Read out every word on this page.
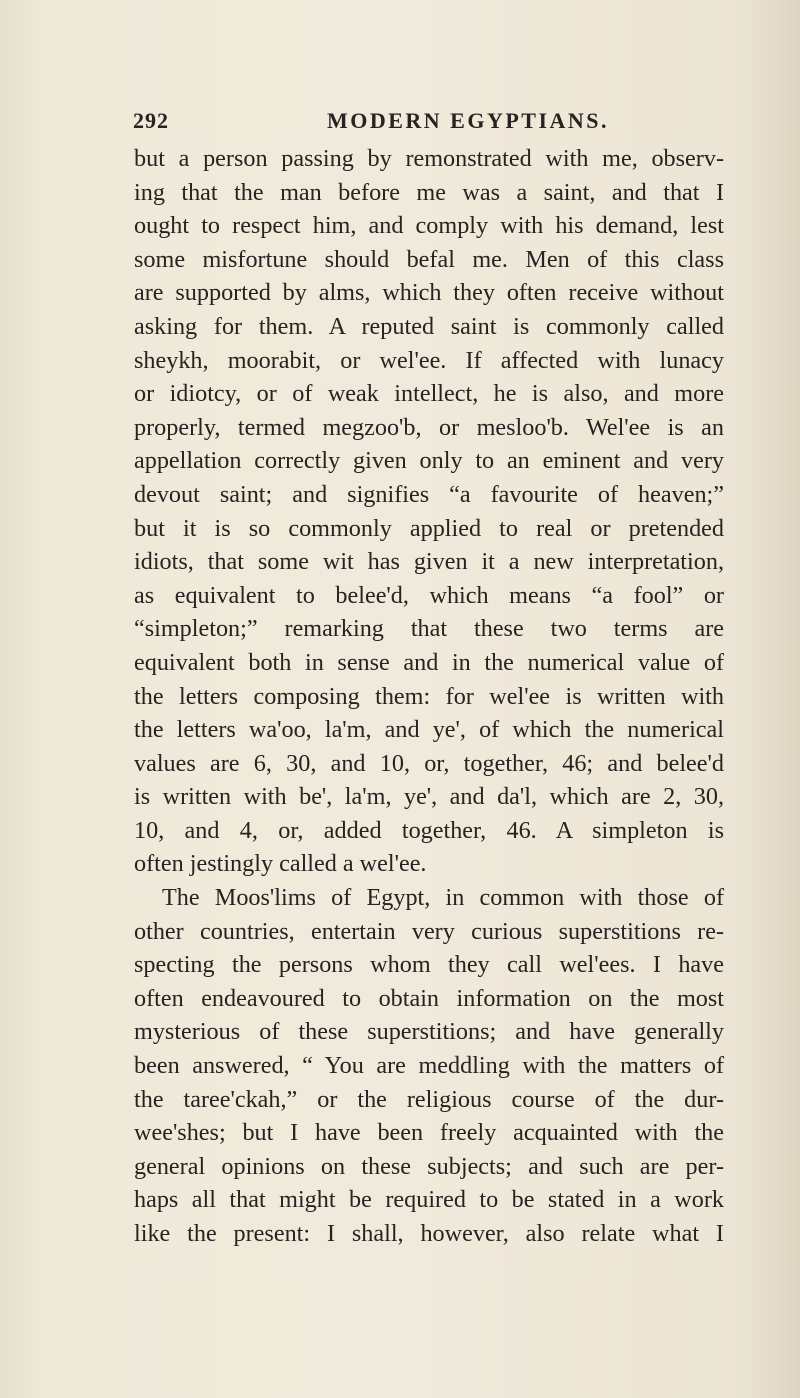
292	MODERN EGYPTIANS.
but a person passing by remonstrated with me, observ-
ing that the man before me was a saint, and that I
ought to respect him, and comply with his demand, lest
some misfortune should befal me. Men of this class
are supported by alms, which they often receive without
asking for them. A reputed saint is commonly called
sheykh, moorabit, or wel'ee. If affected with lunacy
or idiotcy, or of weak intellect, he is also, and more
properly, termed megzoo'b, or mesloo'b. Wel'ee is an
appellation correctly given only to an eminent and very
devout saint; and signifies “a favourite of heaven;”
but it is so commonly applied to real or pretended
idiots, that some wit has given it a new interpretation,
as equivalent to belee'd, which means “a fool” or
“simpleton;” remarking that these two terms are
equivalent both in sense and in the numerical value of
the letters composing them: for wel'ee is written with
the letters wa'oo, la'm, and ye', of which the numerical
values are 6, 30, and 10, or, together, 46; and belee'd
is written with be', la'm, ye', and da'l, which are 2, 30,
10, and 4, or, added together, 46. A simpleton is
often jestingly called a wel'ee.
The Moos'lims of Egypt, in common with those of
other countries, entertain very curious superstitions re-
specting the persons whom they call wel'ees. I have
often endeavoured to obtain information on the most
mysterious of these superstitions; and have generally
been answered, “ You are meddling with the matters of
the taree'ckah,” or the religious course of the dur-
wee'shes; but I have been freely acquainted with the
general opinions on these subjects; and such are per-
haps all that might be required to be stated in a work
like the present: I shall, however, also relate what I
